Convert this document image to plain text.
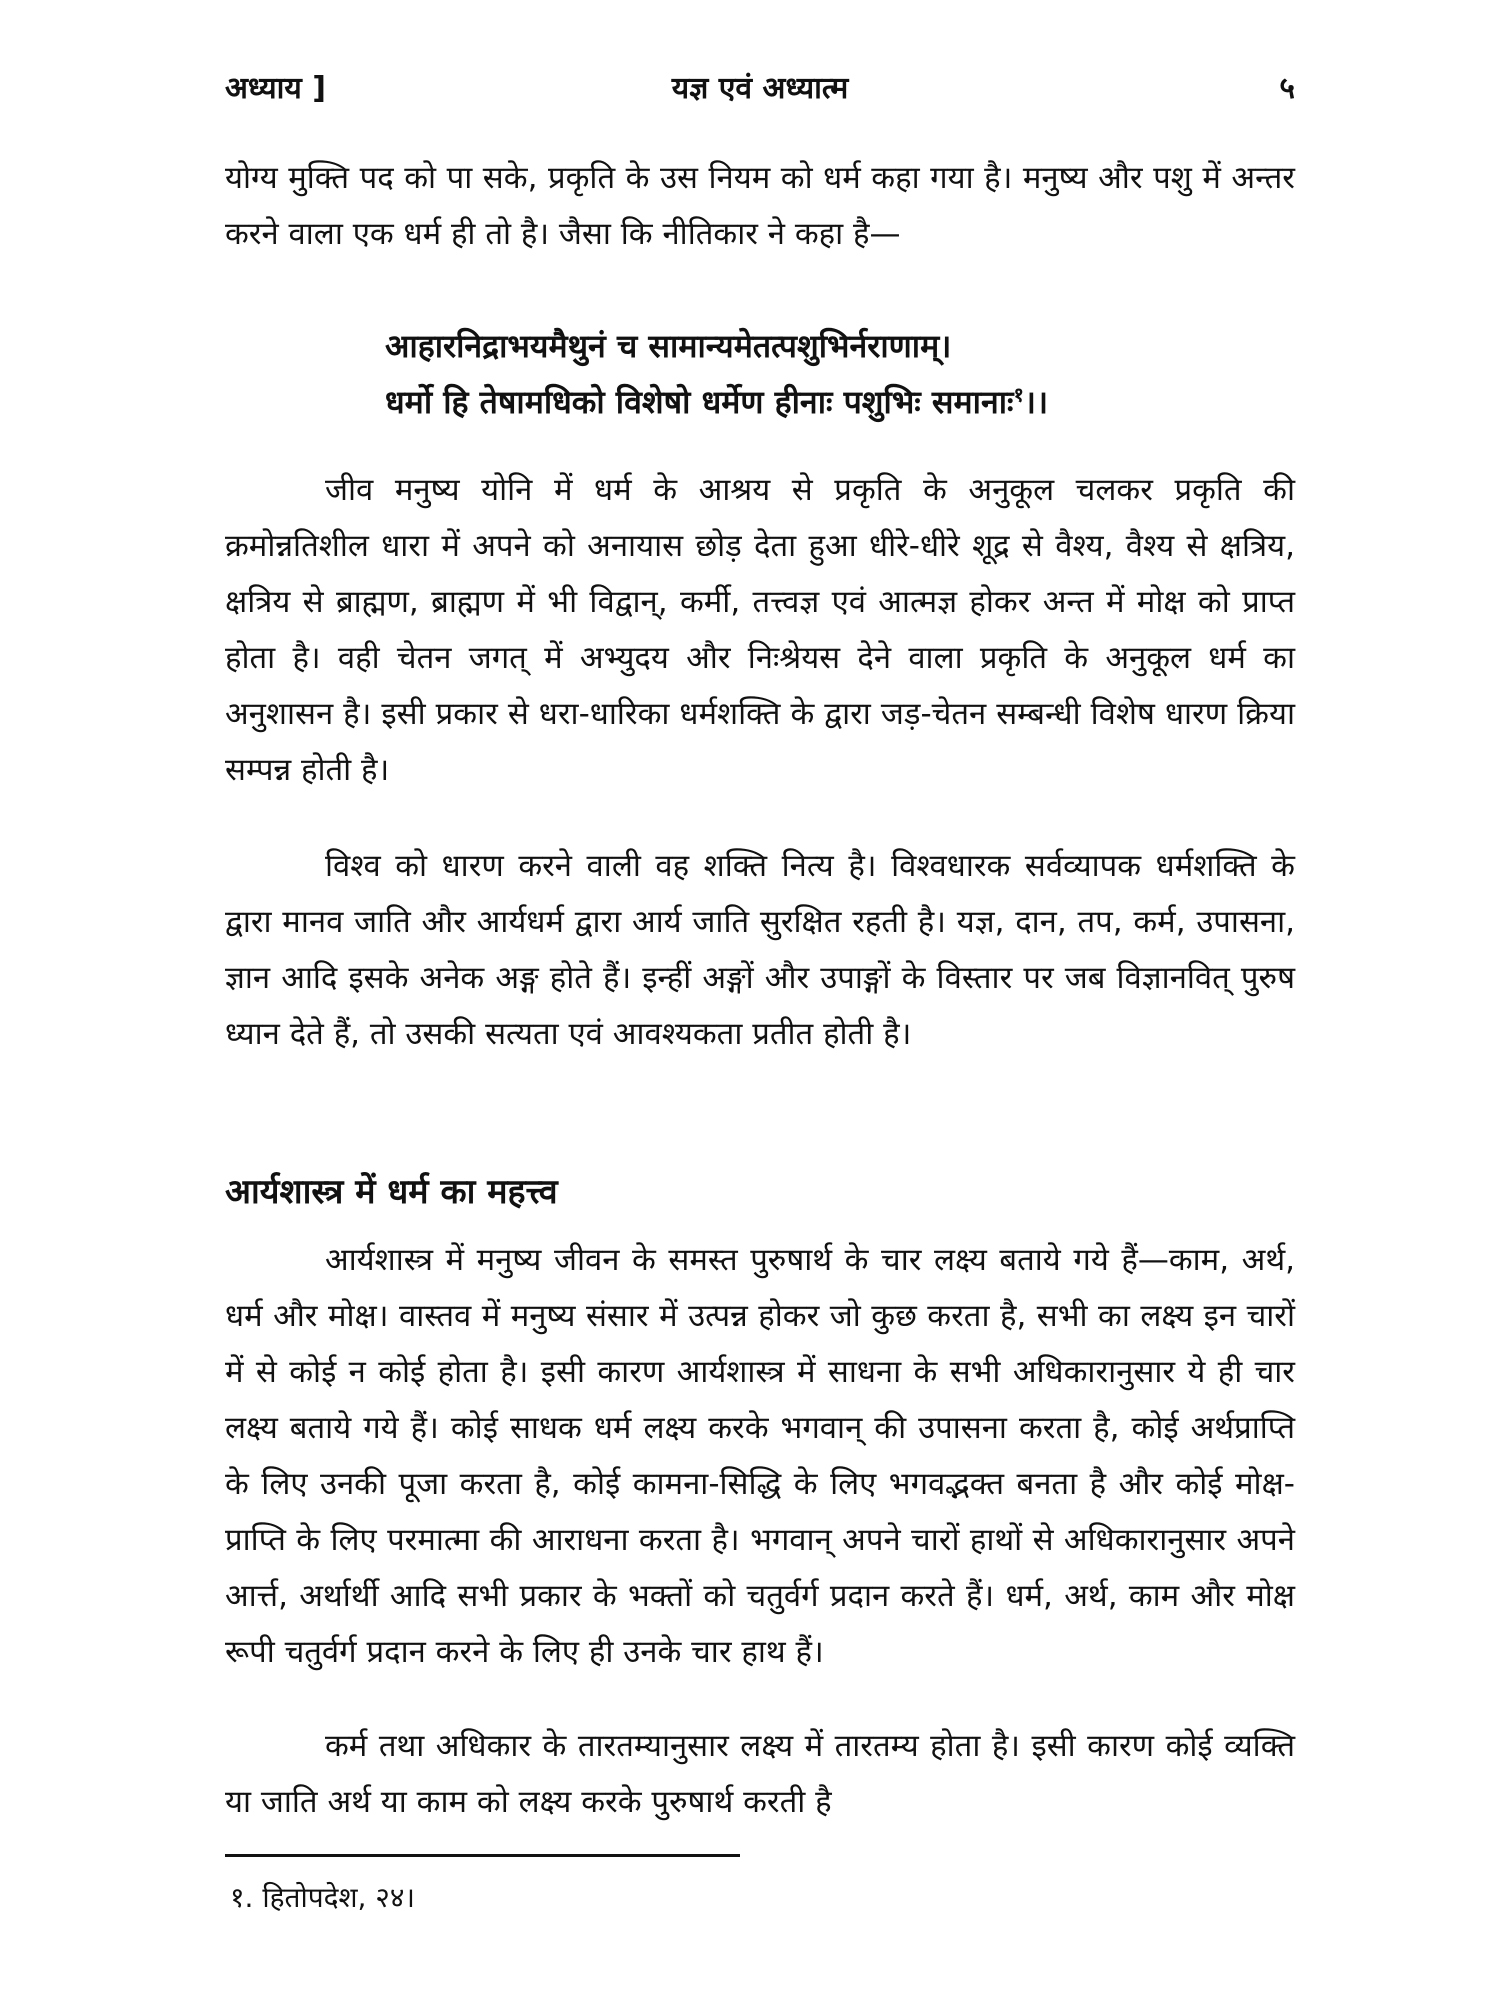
अध्याय ]	यज्ञ एवं अध्यात्म	५

योग्य मुक्ति पद को पा सके, प्रकृति के उस नियम को धर्म कहा गया है। मनुष्य और पशु में अन्तर करने वाला एक धर्म ही तो है। जैसा कि नीतिकार ने कहा है—

आहारनिद्राभयमैथुनं च सामान्यमेतत्पशुभिर्नराणाम्।
धर्मो हि तेषामधिको विशेषो धर्मेण हीनाः पशुभिः समानाः$^१$।।

जीव मनुष्य योनि में धर्म के आश्रय से प्रकृति के अनुकूल चलकर प्रकृति की क्रमोन्नतिशील धारा में अपने को अनायास छोड़ देता हुआ धीरे-धीरे शूद्र से वैश्य, वैश्य से क्षत्रिय, क्षत्रिय से ब्राह्मण, ब्राह्मण में भी विद्वान्, कर्मी, तत्त्वज्ञ एवं आत्मज्ञ होकर अन्त में मोक्ष को प्राप्त होता है। वही चेतन जगत् में अभ्युदय और निःश्रेयस देने वाला प्रकृति के अनुकूल धर्म का अनुशासन है। इसी प्रकार से धरा-धारिका धर्मशक्ति के द्वारा जड़-चेतन सम्बन्धी विशेष धारण क्रिया सम्पन्न होती है।

विश्व को धारण करने वाली वह शक्ति नित्य है। विश्वधारक सर्वव्यापक धर्मशक्ति के द्वारा मानव जाति और आर्यधर्म द्वारा आर्य जाति सुरक्षित रहती है। यज्ञ, दान, तप, कर्म, उपासना, ज्ञान आदि इसके अनेक अङ्ग होते हैं। इन्हीं अङ्गों और उपाङ्गों के विस्तार पर जब विज्ञानवित् पुरुष ध्यान देते हैं, तो उसकी सत्यता एवं आवश्यकता प्रतीत होती है।

आर्यशास्त्र में धर्म का महत्त्व

आर्यशास्त्र में मनुष्य जीवन के समस्त पुरुषार्थ के चार लक्ष्य बताये गये हैं—काम, अर्थ, धर्म और मोक्ष। वास्तव में मनुष्य संसार में उत्पन्न होकर जो कुछ करता है, सभी का लक्ष्य इन चारों में से कोई न कोई होता है। इसी कारण आर्यशास्त्र में साधना के सभी अधिकारानुसार ये ही चार लक्ष्य बताये गये हैं। कोई साधक धर्म लक्ष्य करके भगवान् की उपासना करता है, कोई अर्थप्राप्ति के लिए उनकी पूजा करता है, कोई कामना-सिद्धि के लिए भगवद्भक्त बनता है और कोई मोक्ष-प्राप्ति के लिए परमात्मा की आराधना करता है। भगवान् अपने चारों हाथों से अधिकारानुसार अपने आर्त्त, अर्थार्थी आदि सभी प्रकार के भक्तों को चतुर्वर्ग प्रदान करते हैं। धर्म, अर्थ, काम और मोक्ष रूपी चतुर्वर्ग प्रदान करने के लिए ही उनके चार हाथ हैं।

कर्म तथा अधिकार के तारतम्यानुसार लक्ष्य में तारतम्य होता है। इसी कारण कोई व्यक्ति या जाति अर्थ या काम को लक्ष्य करके पुरुषार्थ करती है

१. हितोपदेश, २४।
